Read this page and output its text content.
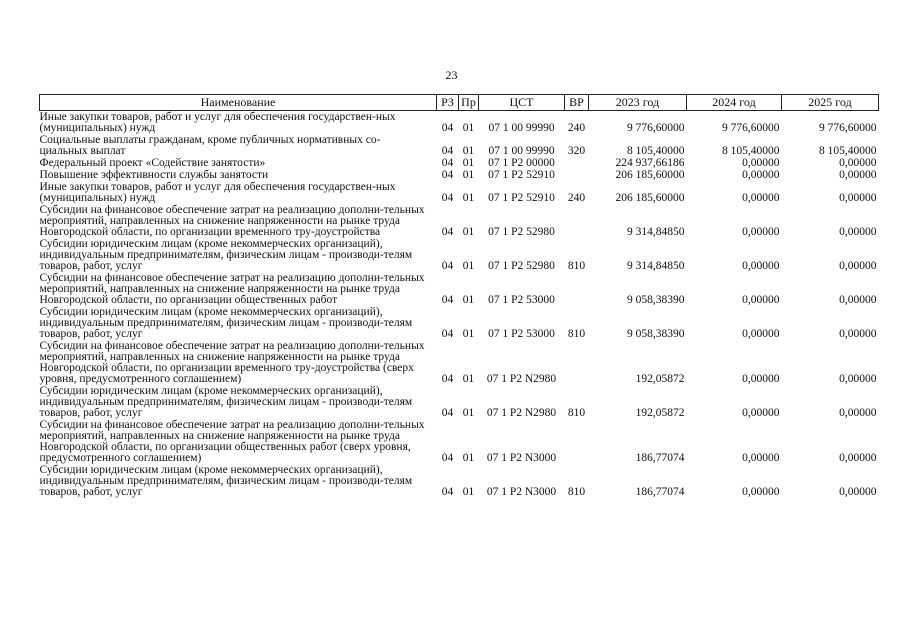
23
Наименование	РЗ	Пр	ЦСТ	ВР	2023 год	2024 год	2025 год
Иные закупки товаров, работ и услуг для обеспечения государствен-ных (муниципальных) нужд	04	01	07 1 00 99990	240	9 776,60000	9 776,60000	9 776,60000
Социальные выплаты гражданам, кроме публичных нормативных со-циальных выплат	04	01	07 1 00 99990	320	8 105,40000	8 105,40000	8 105,40000
Федеральный проект «Содействие занятости»	04	01	07 1 Р2 00000		224 937,66186	0,00000	0,00000
Повышение эффективности службы занятости	04	01	07 1 Р2 52910		206 185,60000	0,00000	0,00000
Иные закупки товаров, работ и услуг для обеспечения государствен-ных (муниципальных) нужд	04	01	07 1 Р2 52910	240	206 185,60000	0,00000	0,00000
Субсидии на финансовое обеспечение затрат на реализацию дополни-тельных мероприятий, направленных на снижение напряженности на рынке труда Новгородской области, по организации временного тру-доустройства	04	01	07 1 Р2 52980		9 314,84850	0,00000	0,00000
Субсидии юридическим лицам (кроме некоммерческих организаций), индивидуальным предпринимателям, физическим лицам - производи-телям товаров, работ, услуг	04	01	07 1 Р2 52980	810	9 314,84850	0,00000	0,00000
Субсидии на финансовое обеспечение затрат на реализацию дополни-тельных мероприятий, направленных на снижение напряженности на рынке труда Новгородской области, по организации общественных работ	04	01	07 1 Р2 53000		9 058,38390	0,00000	0,00000
Субсидии юридическим лицам (кроме некоммерческих организаций), индивидуальным предпринимателям, физическим лицам - производи-телям товаров, работ, услуг	04	01	07 1 Р2 53000	810	9 058,38390	0,00000	0,00000
Субсидии на финансовое обеспечение затрат на реализацию дополни-тельных мероприятий, направленных на снижение напряженности на рынке труда Новгородской области, по организации временного тру-доустройства (сверх уровня, предусмотренного соглашением)	04	01	07 1 Р2 N2980		192,05872	0,00000	0,00000
Субсидии юридическим лицам (кроме некоммерческих организаций), индивидуальным предпринимателям, физическим лицам - производи-телям товаров, работ, услуг	04	01	07 1 Р2 N2980	810	192,05872	0,00000	0,00000
Субсидии на финансовое обеспечение затрат на реализацию дополни-тельных мероприятий, направленных на снижение напряженности на рынке труда Новгородской области, по организации общественных работ (сверх уровня, предусмотренного соглашением)	04	01	07 1 Р2 N3000		186,77074	0,00000	0,00000
Субсидии юридическим лицам (кроме некоммерческих организаций), индивидуальным предпринимателям, физическим лицам - производи-телям товаров, работ, услуг	04	01	07 1 Р2 N3000	810	186,77074	0,00000	0,00000
